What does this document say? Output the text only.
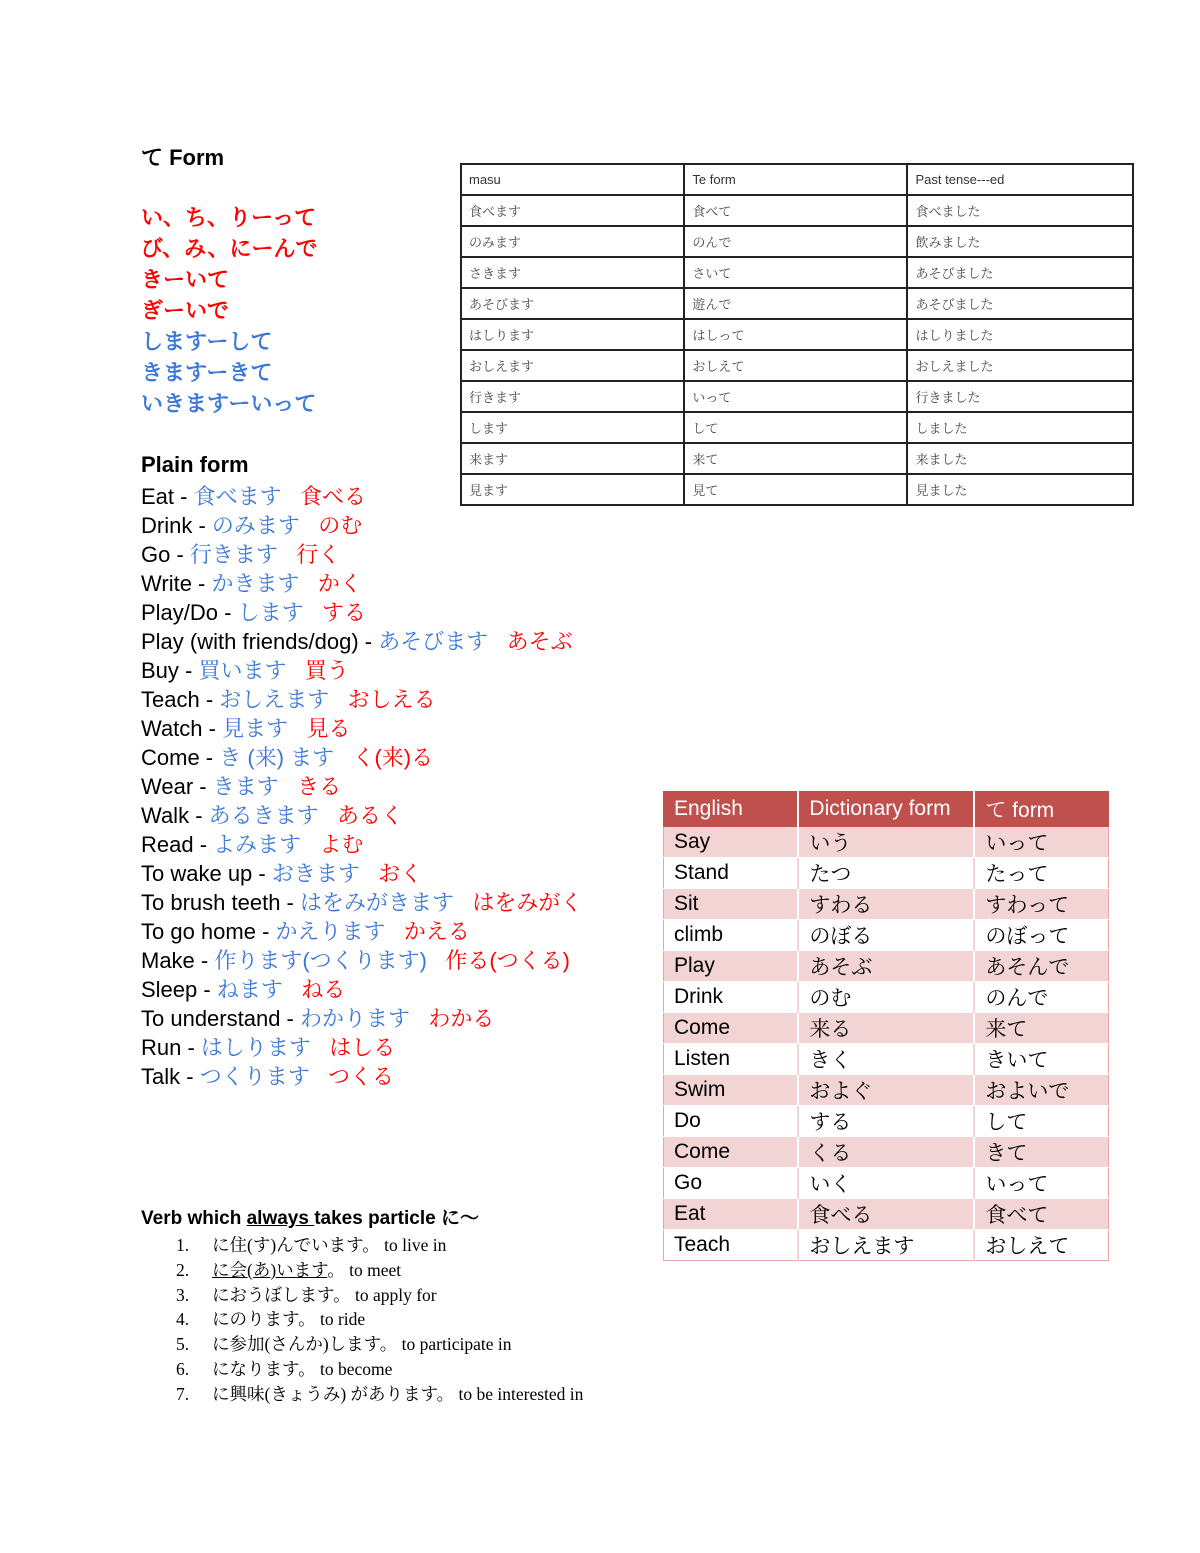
て Form
い、ち、りーって
び、み、にーんで
きーいて
ぎーいで
しますーして
きますーきて
いきますーいって
Plain form
Eat - 食べます 食べる
Drink - のみます のむ
Go - 行きます 行く
Write - かきます かく
Play/Do - します する
Play (with friends/dog) - あそびます あそぶ
Buy - 買います 買う
Teach - おしえます おしえる
Watch - 見ます 見る
Come - き (来) ます く(来)る
Wear - きます きる
Walk - あるきます あるく
Read - よみます よむ
To wake up - おきます おく
To brush teeth - はをみがきます はをみがく
To go home - かえります かえる
Make - 作ります(つくります) 作る(つくる)
Sleep - ねます ねる
To understand - わかります わかる
Run - はしります はしる
Talk - つくります つくる
masu	Te form	Past tense---ed
食べます	食べて	食べました
のみます	のんで	飲みました
さきます	さいて	あそびました
あそびます	遊んで	あそびました
はしります	はしって	はしりました
おしえます	おしえて	おしえました
行きます	いって	行きました
します	して	しました
来ます	来て	来ました
見ます	見て	見ました
English	Dictionary form	て form
Say	いう	いって
Stand	たつ	たって
Sit	すわる	すわって
climb	のぼる	のぼって
Play	あそぶ	あそんで
Drink	のむ	のんで
Come	来る	来て
Listen	きく	きいて
Swim	およぐ	およいで
Do	する	して
Come	くる	きて
Go	いく	いって
Eat	食べる	食べて
Teach	おしえます	おしえて
Verb which always takes particle に〜
1. に住(す)んでいます。 to live in
2. に会(あ)います。 to meet
3. におうぼします。 to apply for
4. にのります。 to ride
5. に参加(さんか)します。 to participate in
6. になります。 to become
7. に興味(きょうみ) があります。 to be interested in
